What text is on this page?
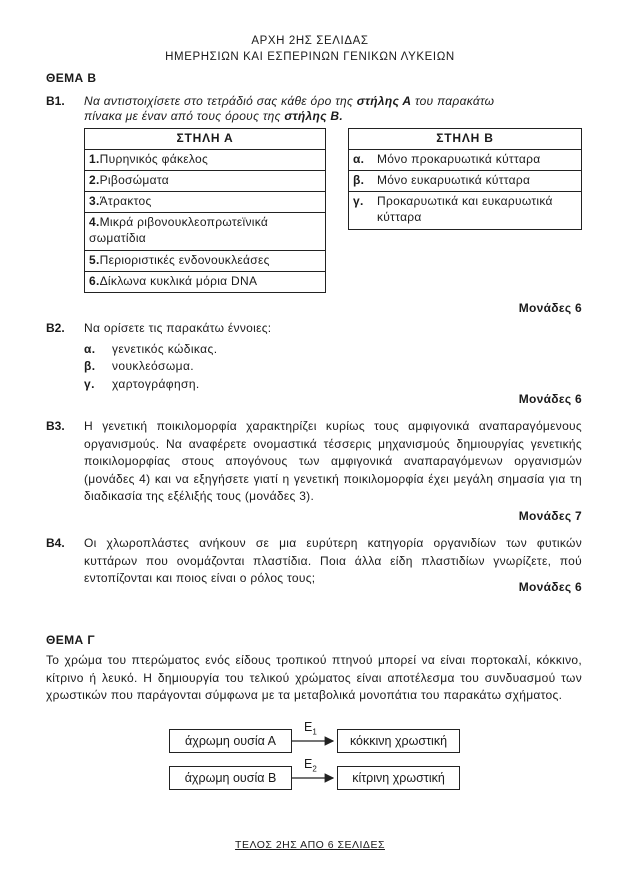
ΑΡΧΗ 2ΗΣ ΣΕΛΙΔΑΣ
ΗΜΕΡΗΣΙΩΝ ΚΑΙ ΕΣΠΕΡΙΝΩΝ ΓΕΝΙΚΩΝ ΛΥΚΕΙΩΝ
ΘΕΜΑ Β
Β1. Να αντιστοιχίσετε στο τετράδιό σας κάθε όρο της στήλης Α του παρακάτω
πίνακα με έναν από τους όρους της στήλης Β.
ΣΤΗΛΗ Α
1.Πυρηνικός φάκελος
2.Ριβοσώματα
3.Άτρακτος
4.Μικρά ριβονουκλεοπρωτεϊνικά σωματίδια
5.Περιοριστικές ενδονουκλεάσες
6.Δίκλωνα κυκλικά μόρια DNA
ΣΤΗΛΗ Β	
α.	Μόνο προκαρυωτικά κύτταρα
β.	Μόνο ευκαρυωτικά κύτταρα
γ.	Προκαρυωτικά και ευκαρυωτικά κύτταρα
Μονάδες 6
Β2. Να ορίσετε τις παρακάτω έννοιες:
α. γενετικός κώδικας.
β. νουκλεόσωμα.
γ. χαρτογράφηση.
Μονάδες 6
Β3. Η γενετική ποικιλομορφία χαρακτηρίζει κυρίως τους αμφιγονικά αναπαραγόμενους οργανισμούς. Να αναφέρετε ονομαστικά τέσσερις μηχανισμούς δημιουργίας γενετικής ποικιλομορφίας στους απογόνους των αμφιγονικά αναπαραγόμενων οργανισμών (μονάδες 4) και να εξηγήσετε γιατί η γενετική ποικιλομορφία έχει μεγάλη σημασία για τη διαδικασία της εξέλιξής τους (μονάδες 3).
Μονάδες 7
Β4. Οι χλωροπλάστες ανήκουν σε μια ευρύτερη κατηγορία οργανιδίων των φυτικών κυττάρων που ονομάζονται πλαστίδια. Ποια άλλα είδη πλαστιδίων γνωρίζετε, πού εντοπίζονται και ποιος είναι ο ρόλος τους;
Μονάδες 6
ΘΕΜΑ Γ
Το χρώμα του πτερώματος ενός είδους τροπικού πτηνού μπορεί να είναι πορτοκαλί, κόκκινο, κίτρινο ή λευκό. Η δημιουργία του τελικού χρώματος είναι αποτέλεσμα του συνδυασμού των χρωστικών που παράγονται σύμφωνα με τα μεταβολικά μονοπάτια του παρακάτω σχήματος.
άχρωμη ουσία Α
$E_1$
κόκκινη χρωστική
άχρωμη ουσία Β
$E_2$
κίτρινη χρωστική
ΤΕΛΟΣ 2ΗΣ ΑΠΟ 6 ΣΕΛΙΔΕΣ
